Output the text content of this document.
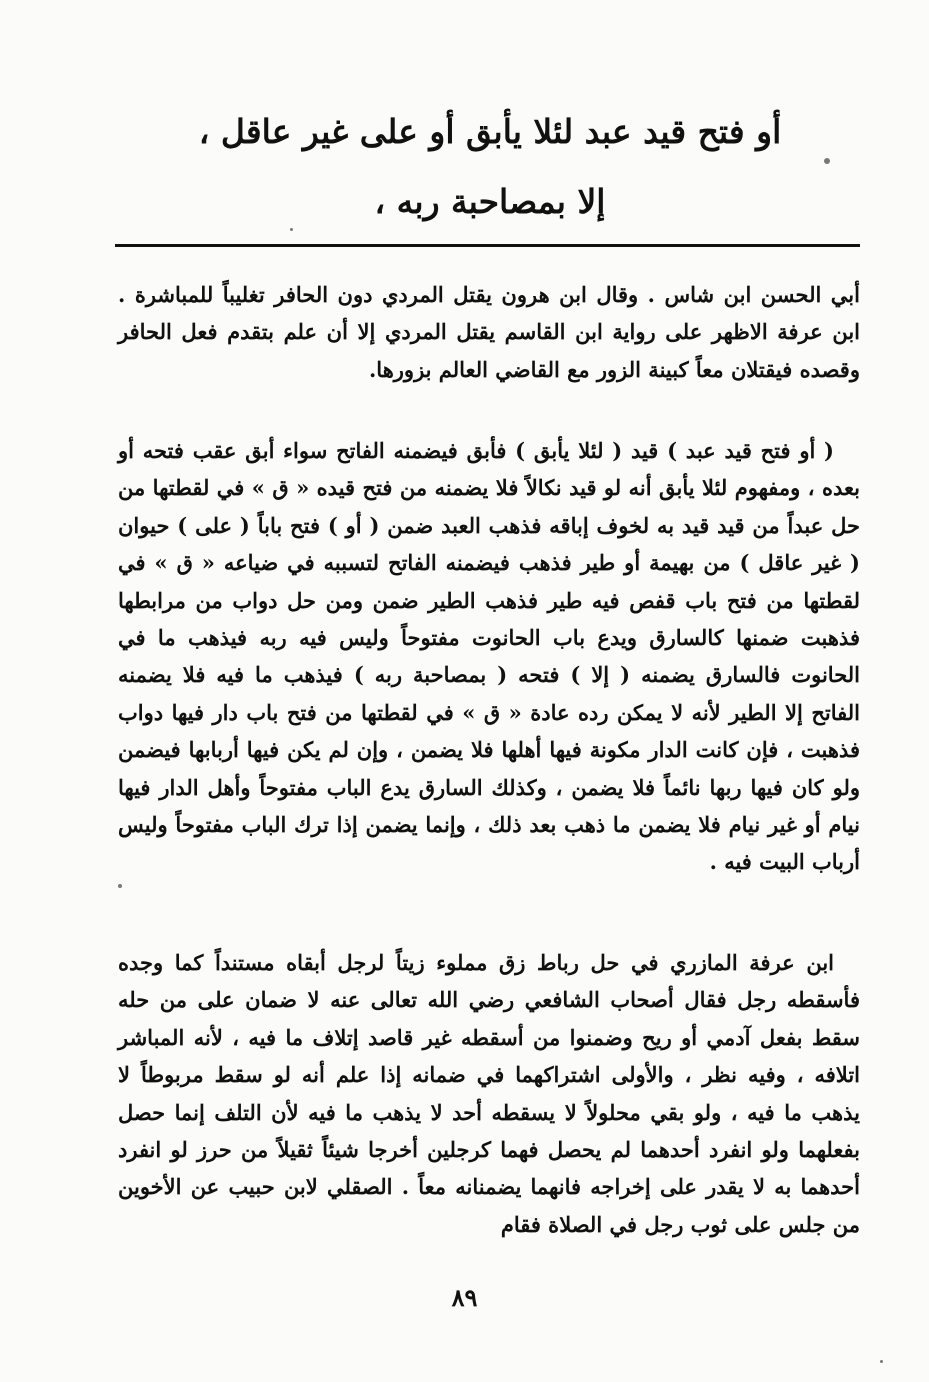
أو فتح قيد عبد لئلا يأبق أو على غير عاقل ،
إلا بمصاحبة ربه ،
أبي الحسن ابن شاس . وقال ابن هرون يقتل المردي دون الحافر تغليباً للمباشرة . ابن عرفة الاظهر على رواية ابن القاسم يقتل المردي إلا أن علم بتقدم فعل الحافر وقصده فيقتلان معاً كبينة الزور مع القاضي العالم بزورها.
( أو فتح قيد عبد ) قيد ( لئلا يأبق ) فأبق فيضمنه الفاتح سواء أبق عقب فتحه أو بعده ، ومفهوم لئلا يأبق أنه لو قيد نكالاً فلا يضمنه من فتح قيده « ق » في لقطتها من حل عبداً من قيد قيد به لخوف إباقه فذهب العبد ضمن ( أو ) فتح باباً ( على ) حيوان ( غير عاقل ) من بهيمة أو طير فذهب فيضمنه الفاتح لتسببه في ضياعه « ق » في لقطتها من فتح باب قفص فيه طير فذهب الطير ضمن ومن حل دواب من مرابطها فذهبت ضمنها كالسارق ويدع باب الحانوت مفتوحاً وليس فيه ربه فيذهب ما في الحانوت فالسارق يضمنه ( إلا ) فتحه ( بمصاحبة ربه ) فيذهب ما فيه فلا يضمنه الفاتح إلا الطير لأنه لا يمكن رده عادة « ق » في لقطتها من فتح باب دار فيها دواب فذهبت ، فإن كانت الدار مكونة فيها أهلها فلا يضمن ، وإن لم يكن فيها أربابها فيضمن ولو كان فيها ربها نائماً فلا يضمن ، وكذلك السارق يدع الباب مفتوحاً وأهل الدار فيها نيام أو غير نيام فلا يضمن ما ذهب بعد ذلك ، وإنما يضمن إذا ترك الباب مفتوحاً وليس أرباب البيت فيه .
ابن عرفة المازري في حل رباط زق مملوء زيتاً لرجل أبقاه مستنداً كما وجده فأسقطه رجل فقال أصحاب الشافعي رضي الله تعالى عنه لا ضمان على من حله سقط بفعل آدمي أو ريح وضمنوا من أسقطه غير قاصد إتلاف ما فيه ، لأنه المباشر اتلافه ، وفيه نظر ، والأولى اشتراكهما في ضمانه إذا علم أنه لو سقط مربوطاً لا يذهب ما فيه ، ولو بقي محلولاً لا يسقطه أحد لا يذهب ما فيه لأن التلف إنما حصل بفعلهما ولو انفرد أحدهما لم يحصل فهما كرجلين أخرجا شيئاً ثقيلاً من حرز لو انفرد أحدهما به لا يقدر على إخراجه فانهما يضمنانه معاً . الصقلي لابن حبيب عن الأخوين من جلس على ثوب رجل في الصلاة فقام
٨٩
